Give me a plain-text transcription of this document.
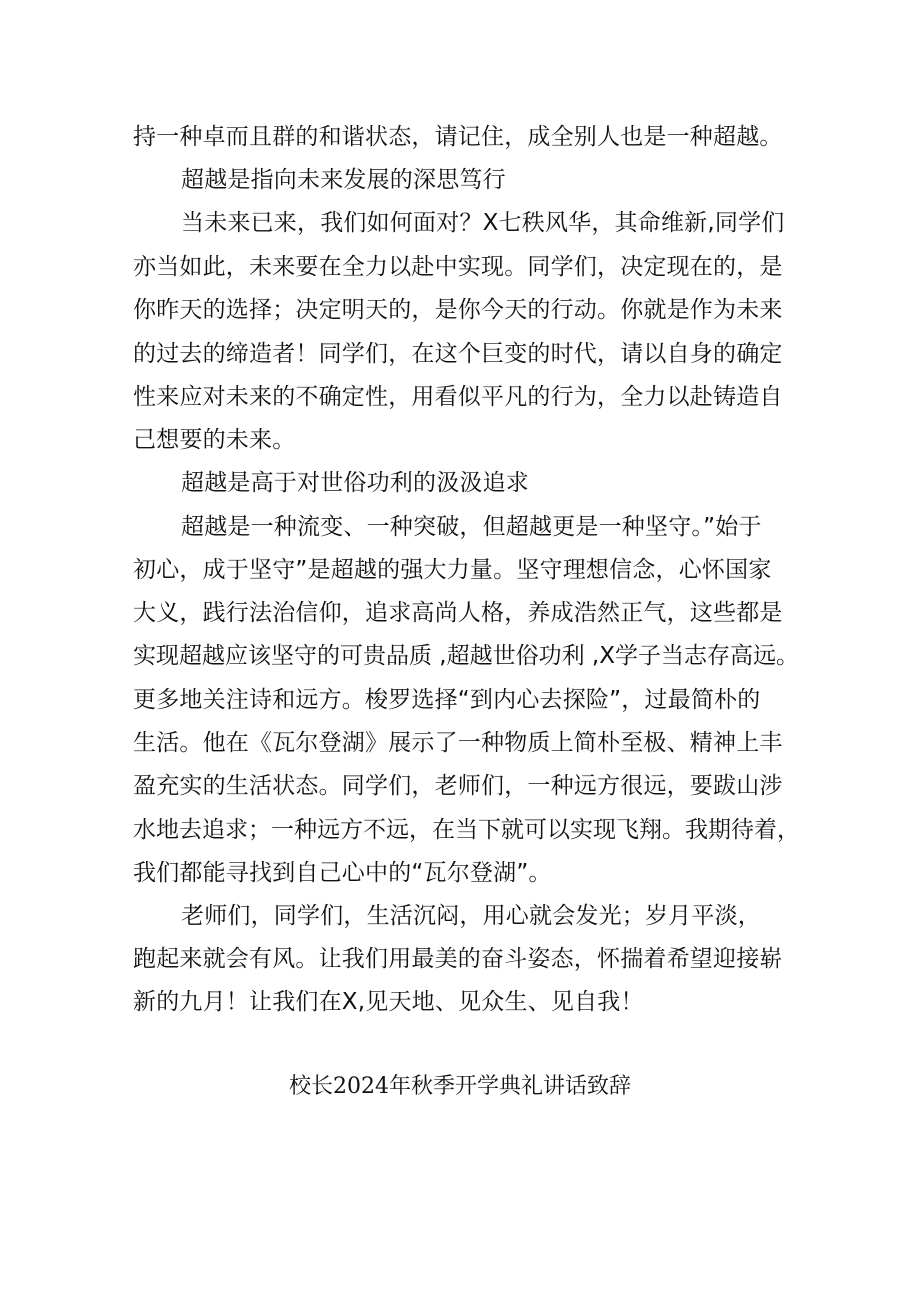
持一种卓而且群的和谐状态，请记住，成全别人也是一种超越。
超越是指向未来发展的深思笃行
当未来已来，我们如何面对？X七秩风华，其命维新,同学们
亦当如此，未来要在全力以赴中实现。同学们，决定现在的，是
你昨天的选择；决定明天的，是你今天的行动。你就是作为未来
的过去的缔造者！同学们，在这个巨变的时代，请以自身的确定
性来应对未来的不确定性，用看似平凡的行为，全力以赴铸造自
己想要的未来。
超越是高于对世俗功利的汲汲追求
超越是一种流变、一种突破，但超越更是一种坚守。”始于
初心，成于坚守”是超越的强大力量。坚守理想信念，心怀国家
大义，践行法治信仰，追求高尚人格，养成浩然正气，这些都是
实现超越应该坚守的可贵品质 ,超越世俗功利 ,X学子当志存高远。
更多地关注诗和远方。梭罗选择“到内心去探险”，过最简朴的
生活。他在《瓦尔登湖》展示了一种物质上简朴至极、精神上丰
盈充实的生活状态。同学们，老师们，一种远方很远，要跋山涉
水地去追求；一种远方不远，在当下就可以实现飞翔。我期待着，
我们都能寻找到自己心中的“瓦尔登湖”。
老师们，同学们，生活沉闷，用心就会发光；岁月平淡，
跑起来就会有风。让我们用最美的奋斗姿态，怀揣着希望迎接崭
新的九月！让我们在X,见天地、见众生、见自我！
校长2024年秋季开学典礼讲话致辞
